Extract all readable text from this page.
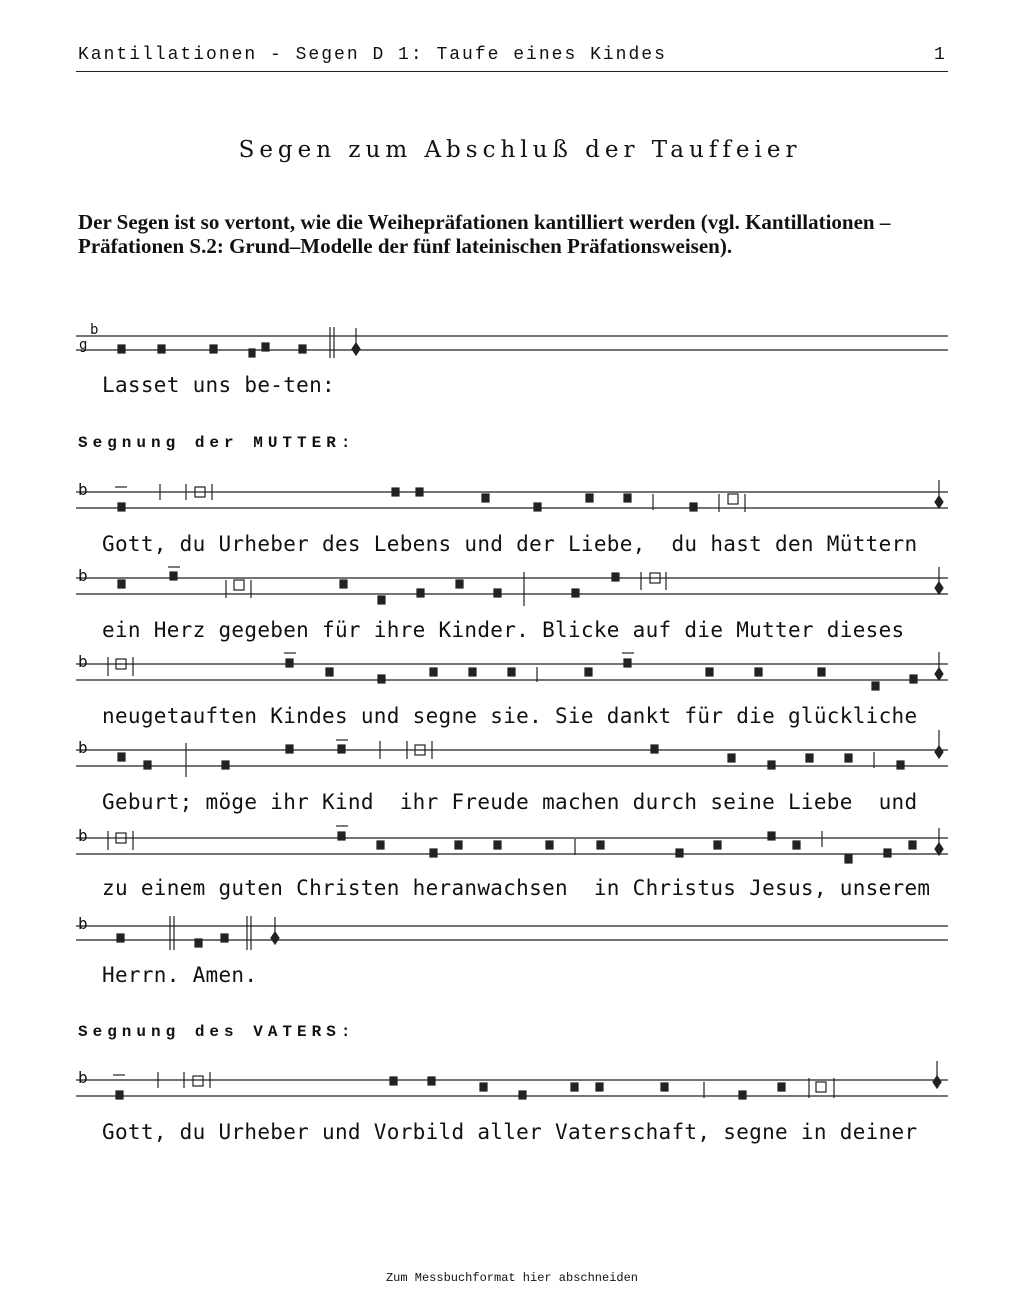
Kantillationen - Segen D 1: Taufe eines Kindes	1
Segen zum Abschluß der Tauffeier
Der Segen ist so vertont, wie die Weihepräfationen kantilliert werden (vgl. Kantillationen – Präfationen S.2: Grund–Modelle der fünf lateinischen Präfationsweisen).
b
g
b
b
b
b
b
b
b
Lasset uns be-ten:
Segnung der MUTTER:
Gott, du Urheber des Lebens und der Liebe,  du hast den Müttern
ein Herz gegeben für ihre Kinder. Blicke auf die Mutter dieses
neugetauften Kindes und segne sie. Sie dankt für die glückliche
Geburt; möge ihr Kind  ihr Freude machen durch seine Liebe  und
zu einem guten Christen heranwachsen  in Christus Jesus, unserem
Herrn. Amen.
Segnung des VATERS:
Gott, du Urheber und Vorbild aller Vaterschaft, segne in deiner
Zum Messbuchformat hier abschneiden
